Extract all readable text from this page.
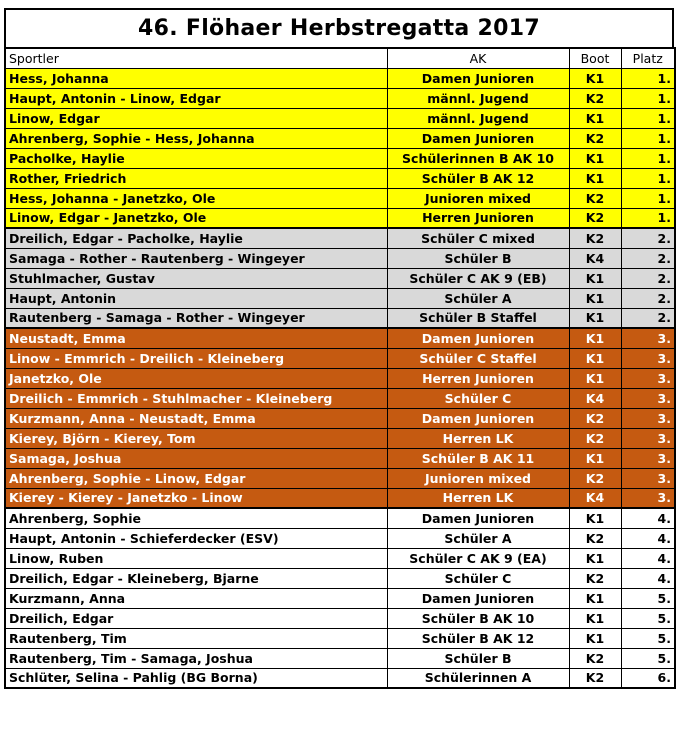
46. Flöhaer Herbstregatta 2017
Sportler	AK	Boot	Platz
Hess, Johanna	Damen Junioren	K1	1.
Haupt, Antonin - Linow, Edgar	männl. Jugend	K2	1.
Linow, Edgar	männl. Jugend	K1	1.
Ahrenberg, Sophie - Hess, Johanna	Damen Junioren	K2	1.
Pacholke, Haylie	Schülerinnen B AK 10	K1	1.
Rother, Friedrich	Schüler B AK 12	K1	1.
Hess, Johanna - Janetzko, Ole	Junioren mixed	K2	1.
Linow, Edgar - Janetzko, Ole	Herren Junioren	K2	1.
Dreilich, Edgar - Pacholke, Haylie	Schüler C mixed	K2	2.
Samaga - Rother - Rautenberg - Wingeyer	Schüler B	K4	2.
Stuhlmacher, Gustav	Schüler C AK 9 (EB)	K1	2.
Haupt, Antonin	Schüler A	K1	2.
Rautenberg - Samaga - Rother - Wingeyer	Schüler B Staffel	K1	2.
Neustadt, Emma	Damen Junioren	K1	3.
Linow - Emmrich - Dreilich - Kleineberg	Schüler C Staffel	K1	3.
Janetzko, Ole	Herren Junioren	K1	3.
Dreilich - Emmrich - Stuhlmacher - Kleineberg	Schüler C	K4	3.
Kurzmann, Anna - Neustadt, Emma	Damen Junioren	K2	3.
Kierey, Björn - Kierey, Tom	Herren LK	K2	3.
Samaga, Joshua	Schüler B AK 11	K1	3.
Ahrenberg, Sophie - Linow, Edgar	Junioren mixed	K2	3.
Kierey - Kierey - Janetzko - Linow	Herren LK	K4	3.
Ahrenberg, Sophie	Damen Junioren	K1	4.
Haupt, Antonin - Schieferdecker (ESV)	Schüler A	K2	4.
Linow, Ruben	Schüler C AK 9 (EA)	K1	4.
Dreilich, Edgar - Kleineberg, Bjarne	Schüler C	K2	4.
Kurzmann, Anna	Damen Junioren	K1	5.
Dreilich, Edgar	Schüler B AK 10	K1	5.
Rautenberg, Tim	Schüler B AK 12	K1	5.
Rautenberg, Tim - Samaga, Joshua	Schüler B	K2	5.
Schlüter, Selina - Pahlig (BG Borna)	Schülerinnen A	K2	6.
